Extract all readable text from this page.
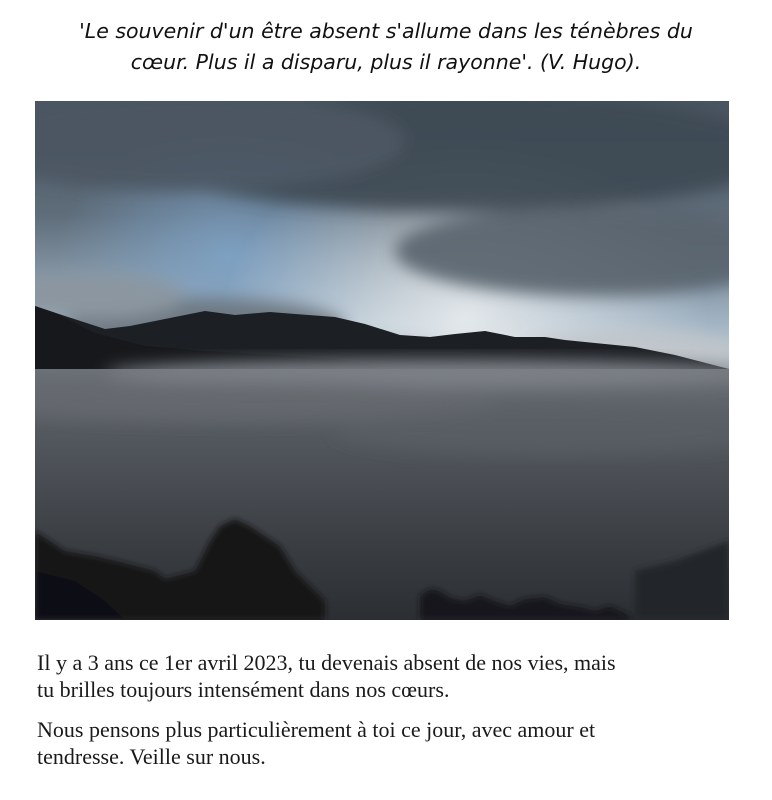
'Le souvenir d'un être absent s'allume dans les ténèbres du
cœur. Plus il a disparu, plus il rayonne'. (V. Hugo).

Il y a 3 ans ce 1er avril 2023, tu devenais absent de nos vies, mais
tu brilles toujours intensément dans nos cœurs.

Nous pensons plus particulièrement à toi ce jour, avec amour et
tendresse. Veille sur nous.
